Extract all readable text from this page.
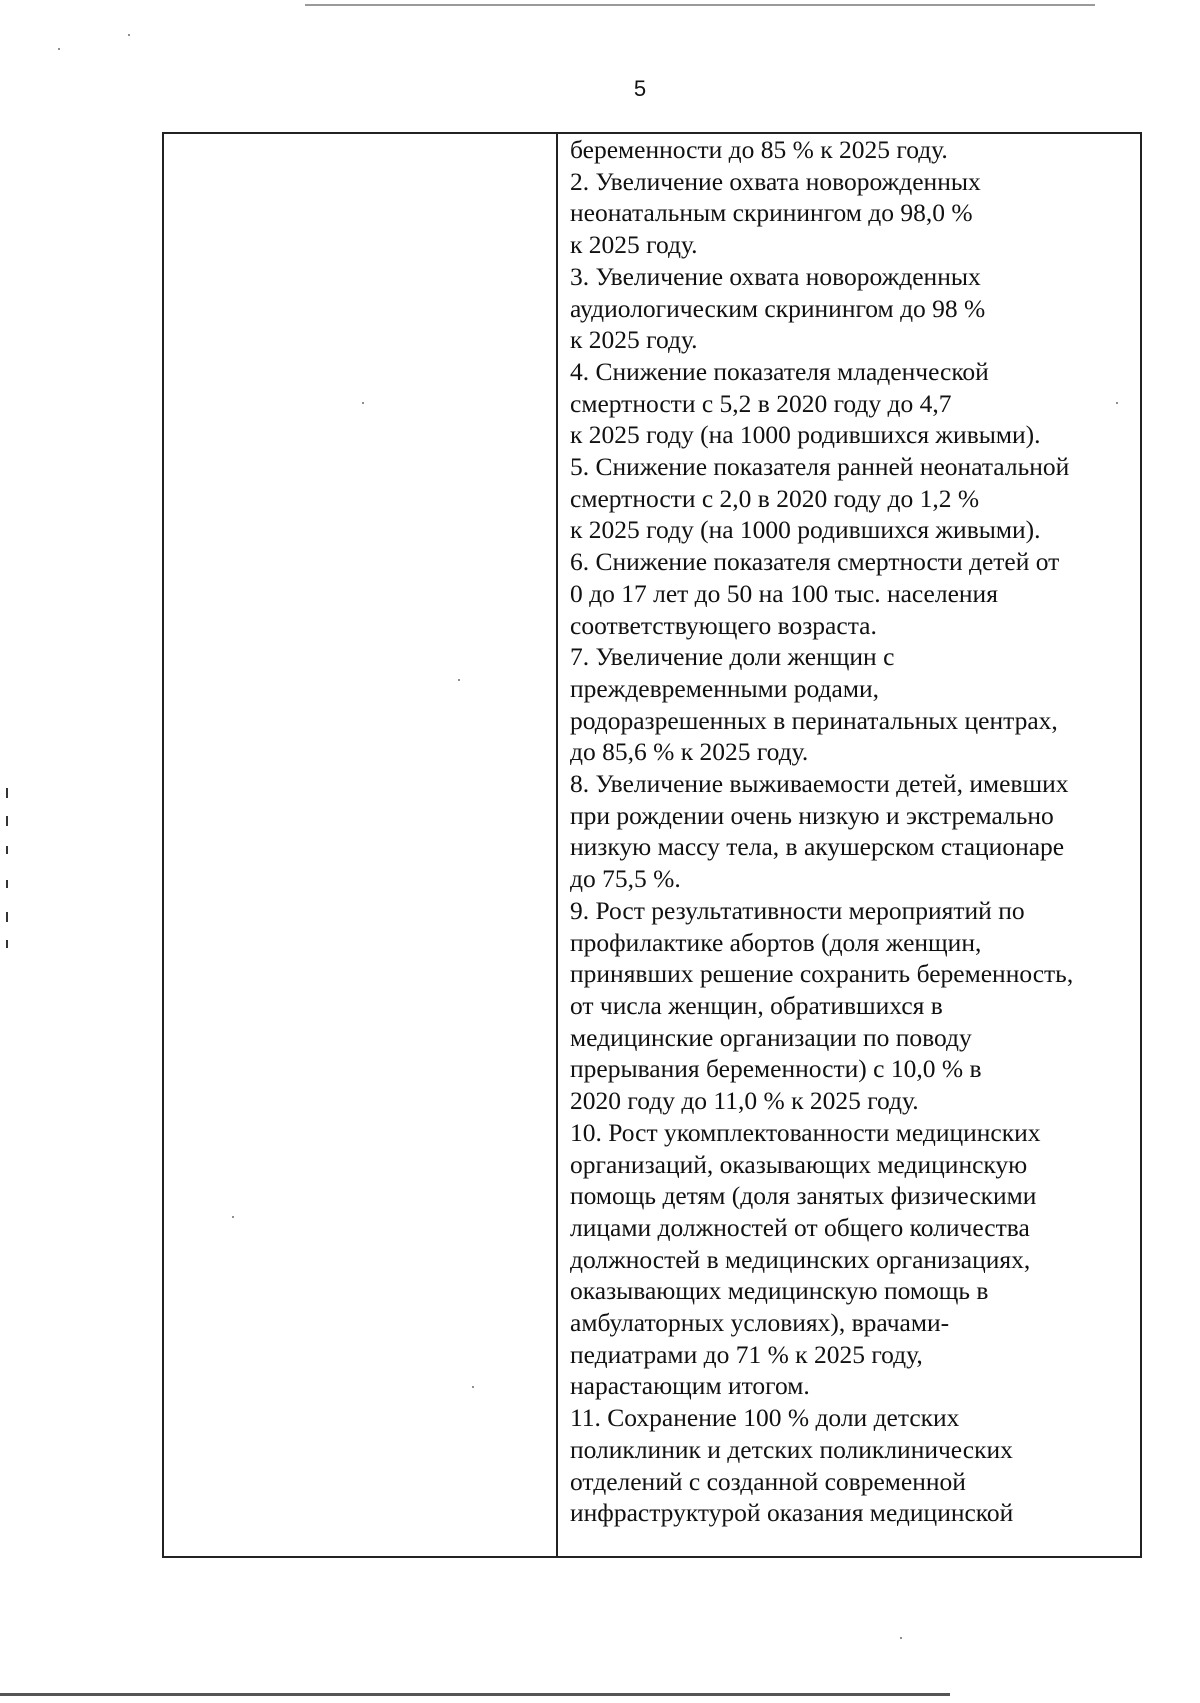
5
беременности до 85 % к 2025 году.
2. Увеличение охвата новорожденных
неонатальным скринингом до 98,0 %
к 2025 году.
3. Увеличение охвата новорожденных
аудиологическим скринингом до 98 %
к 2025 году.
4. Снижение показателя младенческой
смертности с 5,2 в 2020 году до 4,7
к 2025 году (на 1000 родившихся живыми).
5. Снижение показателя ранней неонатальной
смертности с 2,0 в 2020 году до 1,2 %
к 2025 году (на 1000 родившихся живыми).
6. Снижение показателя смертности детей от
0 до 17 лет до 50 на 100 тыс. населения
соответствующего возраста.
7. Увеличение доли женщин с
преждевременными родами,
родоразрешенных в перинатальных центрах,
до 85,6 % к 2025 году.
8. Увеличение выживаемости детей, имевших
при рождении очень низкую и экстремально
низкую массу тела, в акушерском стационаре
до 75,5 %.
9. Рост результативности мероприятий по
профилактике абортов (доля женщин,
принявших решение сохранить беременность,
от числа женщин, обратившихся в
медицинские организации по поводу
прерывания беременности) с 10,0 % в
2020 году до 11,0 % к 2025 году.
10. Рост укомплектованности медицинских
организаций, оказывающих медицинскую
помощь детям (доля занятых физическими
лицами должностей от общего количества
должностей в медицинских организациях,
оказывающих медицинскую помощь в
амбулаторных условиях), врачами-
педиатрами до 71 % к 2025 году,
нарастающим итогом.
11. Сохранение 100 % доли детских
поликлиник и детских поликлинических
отделений с созданной современной
инфраструктурой оказания медицинской
